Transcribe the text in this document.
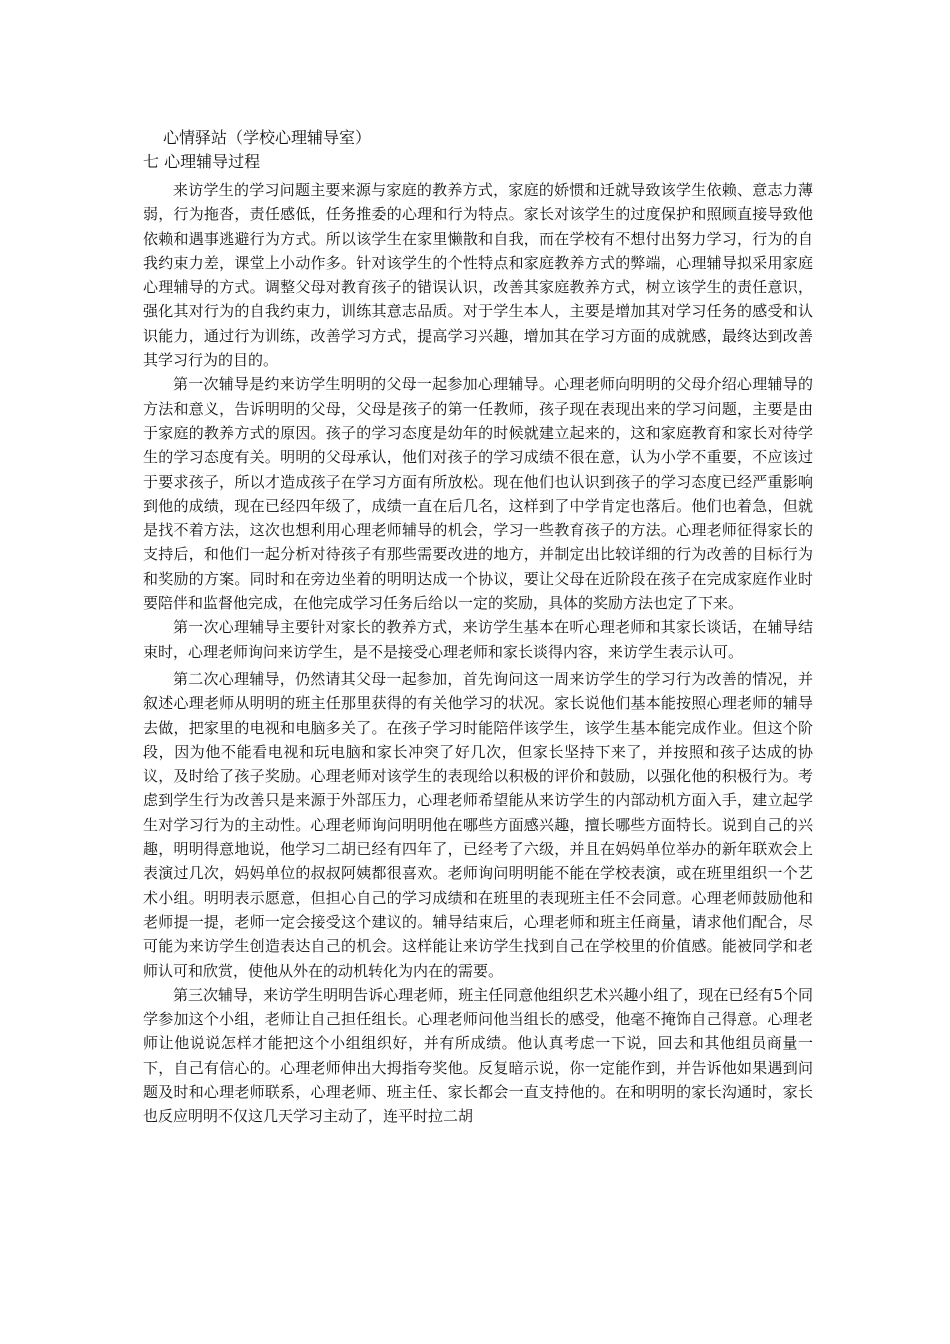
心情驿站（学校心理辅导室）
七 心理辅导过程

来访学生的学习问题主要来源与家庭的教养方式，家庭的娇惯和迁就导致该学生依赖、意志力薄弱，行为拖沓，责任感低，任务推委的心理和行为特点。家长对该学生的过度保护和照顾直接导致他依赖和遇事逃避行为方式。所以该学生在家里懒散和自我，而在学校有不想付出努力学习，行为的自我约束力差，课堂上小动作多。针对该学生的个性特点和家庭教养方式的弊端，心理辅导拟采用家庭心理辅导的方式。调整父母对教育孩子的错误认识，改善其家庭教养方式，树立该学生的责任意识，强化其对行为的自我约束力，训练其意志品质。对于学生本人，主要是增加其对学习任务的感受和认识能力，通过行为训练，改善学习方式，提高学习兴趣，增加其在学习方面的成就感，最终达到改善其学习行为的目的。

第一次辅导是约来访学生明明的父母一起参加心理辅导。心理老师向明明的父母介绍心理辅导的方法和意义，告诉明明的父母，父母是孩子的第一任教师，孩子现在表现出来的学习问题，主要是由于家庭的教养方式的原因。孩子的学习态度是幼年的时候就建立起来的，这和家庭教育和家长对待学生的学习态度有关。明明的父母承认，他们对孩子的学习成绩不很在意，认为小学不重要，不应该过于要求孩子，所以才造成孩子在学习方面有所放松。现在他们也认识到孩子的学习态度已经严重影响到他的成绩，现在已经四年级了，成绩一直在后几名，这样到了中学肯定也落后。他们也着急，但就是找不着方法，这次也想利用心理老师辅导的机会，学习一些教育孩子的方法。心理老师征得家长的支持后，和他们一起分析对待孩子有那些需要改进的地方，并制定出比较详细的行为改善的目标行为和奖励的方案。同时和在旁边坐着的明明达成一个协议，要让父母在近阶段在孩子在完成家庭作业时要陪伴和监督他完成，在他完成学习任务后给以一定的奖励，具体的奖励方法也定了下来。

第一次心理辅导主要针对家长的教养方式，来访学生基本在听心理老师和其家长谈话，在辅导结束时，心理老师询问来访学生，是不是接受心理老师和家长谈得内容，来访学生表示认可。

第二次心理辅导，仍然请其父母一起参加，首先询问这一周来访学生的学习行为改善的情况，并叙述心理老师从明明的班主任那里获得的有关他学习的状况。家长说他们基本能按照心理老师的辅导去做，把家里的电视和电脑多关了。在孩子学习时能陪伴该学生，该学生基本能完成作业。但这个阶段，因为他不能看电视和玩电脑和家长冲突了好几次，但家长坚持下来了，并按照和孩子达成的协议，及时给了孩子奖励。心理老师对该学生的表现给以积极的评价和鼓励，以强化他的积极行为。考虑到学生行为改善只是来源于外部压力，心理老师希望能从来访学生的内部动机方面入手，建立起学生对学习行为的主动性。心理老师询问明明他在哪些方面感兴趣，擅长哪些方面特长。说到自己的兴趣，明明得意地说，他学习二胡已经有四年了，已经考了六级，并且在妈妈单位举办的新年联欢会上表演过几次，妈妈单位的叔叔阿姨都很喜欢。老师询问明明能不能在学校表演，或在班里组织一个艺术小组。明明表示愿意，但担心自己的学习成绩和在班里的表现班主任不会同意。心理老师鼓励他和老师提一提，老师一定会接受这个建议的。辅导结束后，心理老师和班主任商量，请求他们配合，尽可能为来访学生创造表达自己的机会。这样能让来访学生找到自己在学校里的价值感。能被同学和老师认可和欣赏，使他从外在的动机转化为内在的需要。

第三次辅导，来访学生明明告诉心理老师，班主任同意他组织艺术兴趣小组了，现在已经有5个同学参加这个小组，老师让自己担任组长。心理老师问他当组长的感受，他毫不掩饰自己得意。心理老师让他说说怎样才能把这个小组组织好，并有所成绩。他认真考虑一下说，回去和其他组员商量一下，自己有信心的。心理老师伸出大拇指夸奖他。反复暗示说，你一定能作到，并告诉他如果遇到问题及时和心理老师联系，心理老师、班主任、家长都会一直支持他的。在和明明的家长沟通时，家长也反应明明不仅这几天学习主动了，连平时拉二胡
